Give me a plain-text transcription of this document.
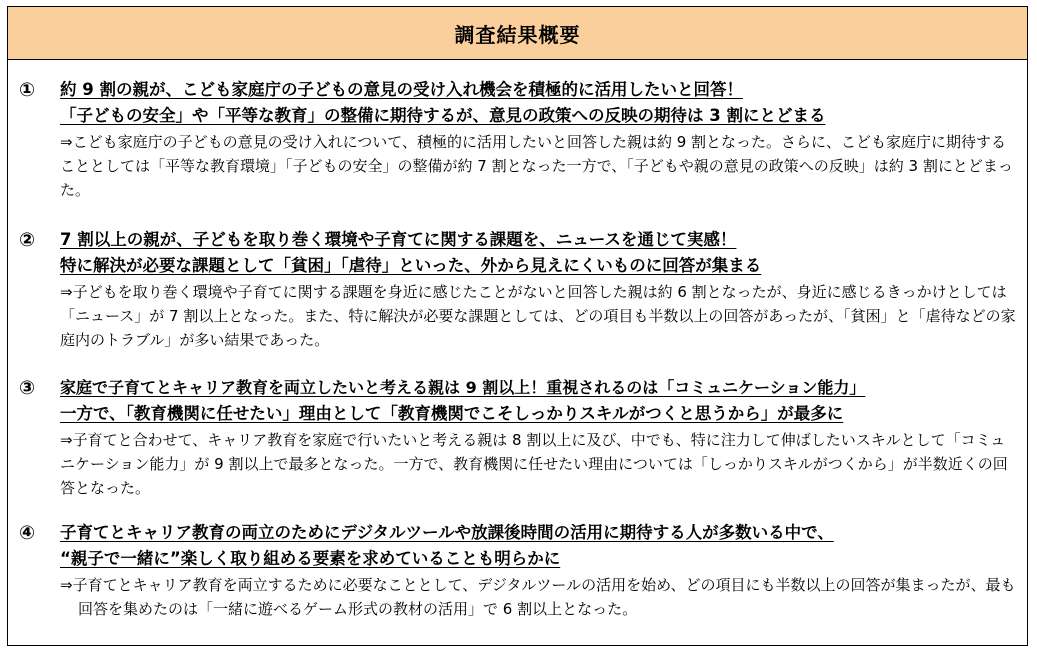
調査結果概要
① 約 9 割の親が、こども家庭庁の子どもの意見の受け入れ機会を積極的に活用したいと回答！
「子どもの安全」や「平等な教育」の整備に期待するが、意見の政策への反映の期待は 3 割にとどまる
⇒こども家庭庁の子どもの意見の受け入れについて、積極的に活用したいと回答した親は約 9 割となった。さらに、こども家庭庁に期待することとしては「平等な教育環境」「子どもの安全」の整備が約 7 割となった一方で、「子どもや親の意見の政策への反映」は約 3 割にとどまった。
② 7 割以上の親が、子どもを取り巻く環境や子育てに関する課題を、ニュースを通じて実感！
特に解決が必要な課題として「貧困」「虐待」といった、外から見えにくいものに回答が集まる
⇒子どもを取り巻く環境や子育てに関する課題を身近に感じたことがないと回答した親は約 6 割となったが、身近に感じるきっかけとしては「ニュース」が 7 割以上となった。また、特に解決が必要な課題としては、どの項目も半数以上の回答があったが、「貧困」と「虐待などの家庭内のトラブル」が多い結果であった。
③ 家庭で子育てとキャリア教育を両立したいと考える親は 9 割以上！重視されるのは「コミュニケーション能力」
一方で、「教育機関に任せたい」理由として「教育機関でこそしっかりスキルがつくと思うから」が最多に
⇒子育てと合わせて、キャリア教育を家庭で行いたいと考える親は 8 割以上に及び、中でも、特に注力して伸ばしたいスキルとして「コミュニケーション能力」が 9 割以上で最多となった。一方で、教育機関に任せたい理由については「しっかりスキルがつくから」が半数近くの回答となった。
④ 子育てとキャリア教育の両立のためにデジタルツールや放課後時間の活用に期待する人が多数いる中で、
“親子で一緒に”楽しく取り組める要素を求めていることも明らかに
⇒子育てとキャリア教育を両立するために必要なこととして、デジタルツールの活用を始め、どの項目にも半数以上の回答が集まったが、最も回答を集めたのは「一緒に遊べるゲーム形式の教材の活用」で 6 割以上となった。
